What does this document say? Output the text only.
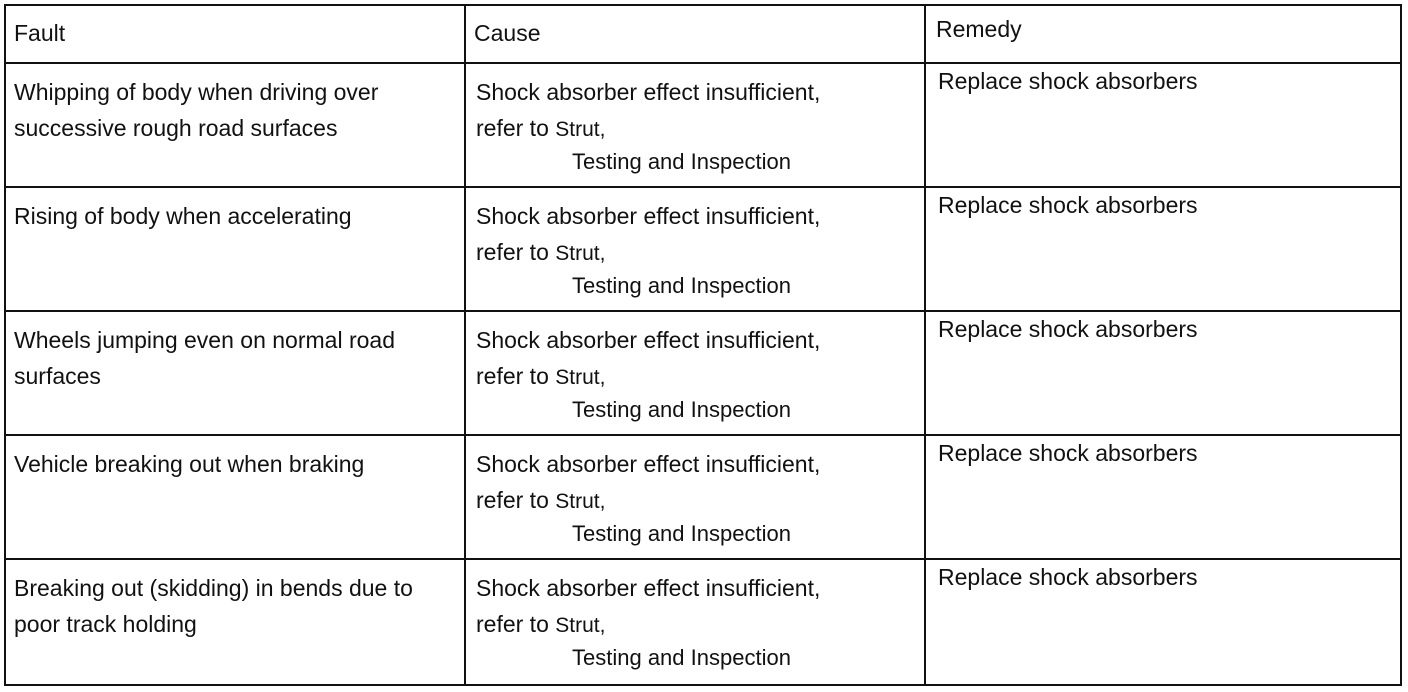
Fault	Cause	Remedy

Whipping of body when driving over successive rough road surfaces	Shock absorber effect insufficient,
refer to Strut,
Testing and Inspection	Replace shock absorbers

Rising of body when accelerating	Shock absorber effect insufficient,
refer to Strut,
Testing and Inspection	Replace shock absorbers

Wheels jumping even on normal road surfaces	Shock absorber effect insufficient,
refer to Strut,
Testing and Inspection	Replace shock absorbers

Vehicle breaking out when braking	Shock absorber effect insufficient,
refer to Strut,
Testing and Inspection	Replace shock absorbers

Breaking out (skidding) in bends due to poor track holding	Shock absorber effect insufficient,
refer to Strut,
Testing and Inspection	Replace shock absorbers
